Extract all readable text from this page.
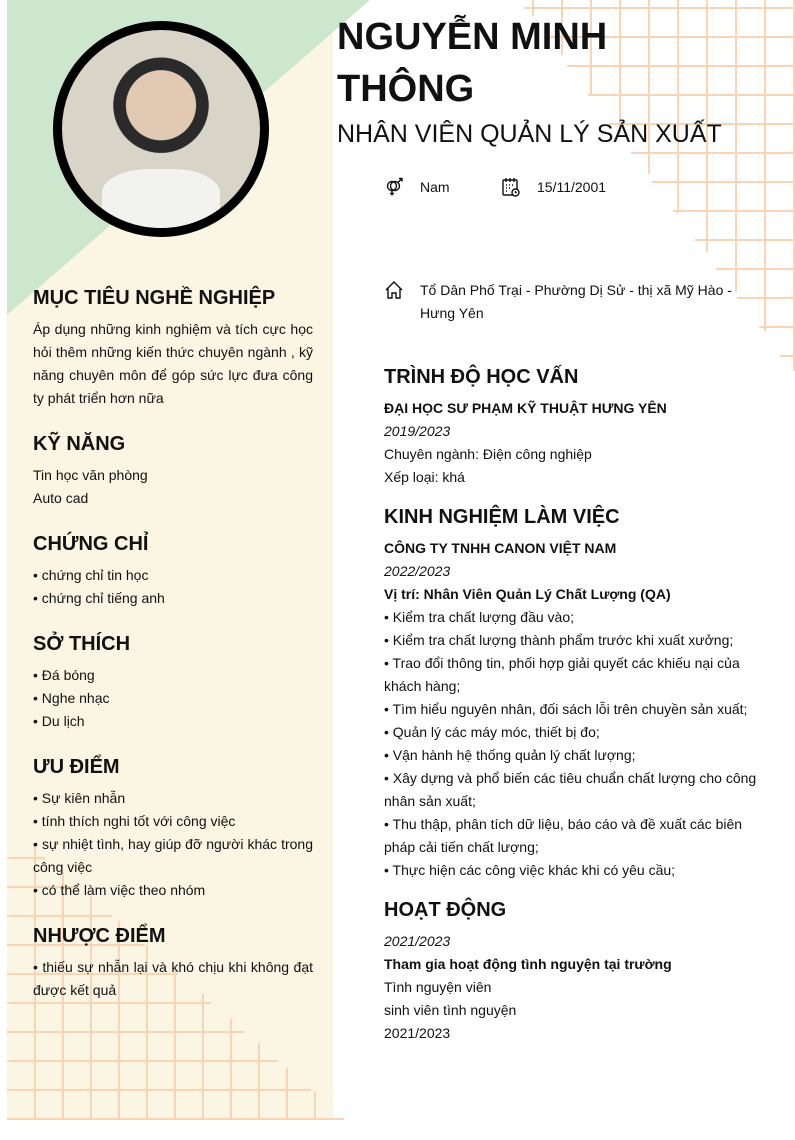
NGUYỄN MINH
THÔNG
NHÂN VIÊN QUẢN LÝ SẢN XUẤT
Nam	15/11/2001
Tổ Dân Phố Trại - Phường Dị Sử - thị xã Mỹ Hào - Hưng Yên
MỤC TIÊU NGHỀ NGHIỆP

Áp dụng những kinh nghiệm và tích cực học hỏi thêm những kiến thức chuyên ngành , kỹ năng chuyên môn để góp sức lực đưa công ty phát triển hơn nữa

KỸ NĂNG
Tin học văn phòng
Auto cad
CHỨNG CHỈ
• chứng chỉ tin học
• chứng chỉ tiếng anh
SỞ THÍCH
• Đá bóng
• Nghe nhạc
• Du lịch
ƯU ĐIỂM
• Sự kiên nhẫn
• tính thích nghi tốt với công việc
• sự nhiệt tình, hay giúp đỡ người khác trong công việc
• có thể làm việc theo nhóm
NHƯỢC ĐIỂM
• thiếu sự nhẫn lại và khó chịu khi không đạt được kết quả
TRÌNH ĐỘ HỌC VẤN

ĐẠI HỌC SƯ PHẠM KỸ THUẬT HƯNG YÊN

2019/2023

Chuyên ngành: Điện công nghiệp

Xếp loại: khá

KINH NGHIỆM LÀM VIỆC

CÔNG TY TNHH CANON VIỆT NAM

2022/2023

Vị trí: Nhân Viên Quản Lý Chất Lượng (QA)

• Kiểm tra chất lượng đầu vào;
• Kiểm tra chất lượng thành phẩm trước khi xuất xưởng;
• Trao đổi thông tin, phối hợp giải quyết các khiếu nại của khách hàng;
• Tìm hiểu nguyên nhân, đối sách lỗi trên chuyền sản xuất;
• Quản lý các máy móc, thiết bị đo;
• Vận hành hệ thống quản lý chất lượng;
• Xây dựng và phổ biến các tiêu chuẩn chất lượng cho công nhân sản xuất;
• Thu thập, phân tích dữ liệu, báo cáo và đề xuất các biên pháp cải tiến chất lượng;
• Thực hiện các công việc khác khi có yêu cầu;
HOẠT ĐỘNG

2021/2023

Tham gia hoạt động tình nguyện tại trường

Tình nguyện viên

sinh viên tình nguyện

2021/2023
